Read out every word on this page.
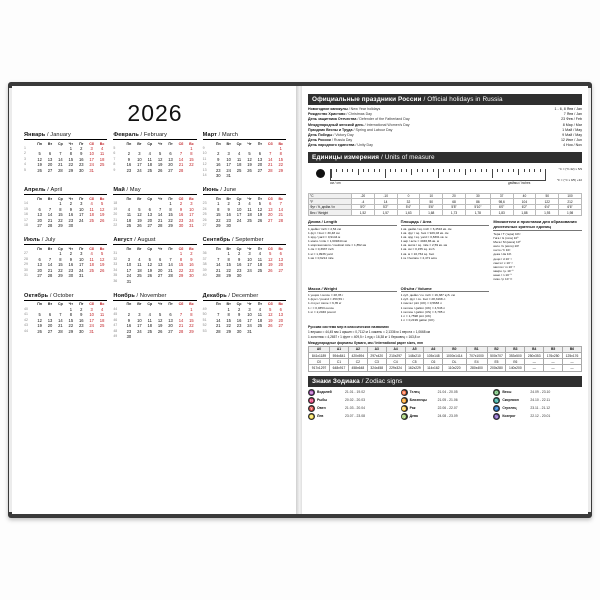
2026
Январь / January
	Пн	Вт	Ср	Чт	Пт	Сб	Вс
1				1	2	3	4
2	5	6	7	8	9	10	11
3	12	13	14	15	16	17	18
4	19	20	21	22	23	24	25
5	26	27	28	29	30	31	
Февраль / February
	Пн	Вт	Ср	Чт	Пт	Сб	Вс
5							1
6	2	3	4	5	6	7	8
7	9	10	11	12	13	14	15
8	16	17	18	19	20	21	22
9	23	24	25	26	27	28	
Март / March
	Пн	Вт	Ср	Чт	Пт	Сб	Вс
9							1
10	2	3	4	5	6	7	8
11	9	10	11	12	13	14	15
12	16	17	18	19	20	21	22
13	23	24	25	26	27	28	29
14	30	31					
Апрель / April
	Пн	Вт	Ср	Чт	Пт	Сб	Вс
14			1	2	3	4	5
15	6	7	8	9	10	11	12
16	13	14	15	16	17	18	19
17	20	21	22	23	24	25	26
18	27	28	29	30			
Май / May
	Пн	Вт	Ср	Чт	Пт	Сб	Вс
18					1	2	3
19	4	5	6	7	8	9	10
20	11	12	13	14	15	16	17
21	18	19	20	21	22	23	24
22	25	26	27	28	29	30	31
Июнь / June
	Пн	Вт	Ср	Чт	Пт	Сб	Вс
23	1	2	3	4	5	6	7
24	8	9	10	11	12	13	14
25	15	16	17	18	19	20	21
26	22	23	24	25	26	27	28
27	29	30					
Июль / July
	Пн	Вт	Ср	Чт	Пт	Сб	Вс
27			1	2	3	4	5
28	6	7	8	9	10	11	12
29	13	14	15	16	17	18	19
30	20	21	22	23	24	25	26
31	27	28	29	30	31		
Август / August
	Пн	Вт	Ср	Чт	Пт	Сб	Вс
31						1	2
32	3	4	5	6	7	8	9
33	10	11	12	13	14	15	16
34	17	18	19	20	21	22	23
35	24	25	26	27	28	29	30
36	31						
Сентябрь / September
	Пн	Вт	Ср	Чт	Пт	Сб	Вс
36		1	2	3	4	5	6
37	7	8	9	10	11	12	13
38	14	15	16	17	18	19	20
39	21	22	23	24	25	26	27
40	28	29	30				
Октябрь / October
	Пн	Вт	Ср	Чт	Пт	Сб	Вс
40				1	2	3	4
41	5	6	7	8	9	10	11
42	12	13	14	15	16	17	18
43	19	20	21	22	23	24	25
44	26	27	28	29	30	31	
Ноябрь / November
	Пн	Вт	Ср	Чт	Пт	Сб	Вс
44							1
45	2	3	4	5	6	7	8
46	9	10	11	12	13	14	15
47	16	17	18	19	20	21	22
48	23	24	25	26	27	28	29
49	30						
Декабрь / December
	Пн	Вт	Ср	Чт	Пт	Сб	Вс
49		1	2	3	4	5	6
50	7	8	9	10	11	12	13
51	14	15	16	17	18	19	20
52	21	22	23	24	25	26	27
53	28	29	30	31			
Официальные праздники России / Official holidays in Russia
Новогодние каникулы / New Year holidays	1 - 6, 8 Янв / Jan
Рождество Христово / Christmas Day	7 Янв / Jan
День защитника Отечества / Defender of the Fatherland Day	23 Фев / Feb
Международный женский день / International Women's Day	8 Мар / Mar
Праздник Весны и Труда / Spring and Labour Day	1 Май / May
День Победы / Victory Day	9 Май / May
День России / Russia Day	12 Июн / Jun
День народного единства / Unity Day	4 Ноя / Nov
Единицы измерения / Units of measure
см / cm	дюймы / inches
°C = (°F-32) x 5/9
°F = (°C x 9/5) +32
°C	-20	-10	0	10	20	30	37	40	50	100
°F	-4	14	32	50	68	86	98,6	104	122	212
Фут / ft, дюйм / in	5'0"	5'2"	5'4"	5'6"	5'8"	5'10"	6'0"	6'2"	6'4"	6'6"
Вес / Weight	1,52	1,57	1,63	1,68	1,73	1,78	1,83	1,88	1,93	1,98
Длина / Length
1 дюйм / inch = 2,54 см
1 фут / foot = 30,48 см
1 ярд / yard = 0,9144 м
1 миля / mile = 1,609344 км
1 морская миля / nautical mile = 1,852 км
1 см = 0,3937 inch
1 м = 1,0936 yard
1 км = 0,6214 mile
Площадь / Area
1 кв. дюйм / sq. inch = 6,4516 кв. см
1 кв. фут / sq. foot = 929,03 кв. см
1 кв. ярд / sq. yard = 0,8361 кв. м
1 акр / acre = 4046,86 кв. м
1 кв. миля / sq. mile = 2,59 кв. км
1 кв. см = 0,155 sq. inch
1 кв. м = 10,764 sq. foot
1 га / hectare = 2,471 acre
Множители и приставки для образования десятичных кратных единиц
Тера / T (тера) 10¹²
Гига / G (гига) 10⁹
Мега / M (мега) 10⁶
кило / k (кило) 10³
гекто / h 10²
дека / da 10¹
деци / d 10⁻¹
санти / c 10⁻²
милли / m 10⁻³
микро / µ 10⁻⁶
нано / n 10⁻⁹
пико / p 10⁻¹²
Масса / Weight
1 унция / ounce = 28,35 г
1 фунт / pound = 453,59 г
1 стоун / stone = 6,35 кг
1 г = 0,0353 ounce
1 кг = 2,2046 pound
Объём / Volume
1 куб. дюйм / cu. inch = 16,387 куб. см
1 куб. фут / cu. foot = 28,3168 л
1 пинта / pint (UK) = 0,5683 л
1 галлон / gallon (UK) = 4,546 л
1 галлон / gallon (US) = 3,785 л
1 л = 1,7598 pint (UK)
1 л = 0,2199 gallon (UK)
Русская система мер в классических названиях
1 вершок = 44,45 мм 1 аршин = 0,7112 м 1 сажень = 2,1336 м 1 верста = 1,0668 км
1 золотник = 4,2657 г 1 фунт = 409,5 г 1 пуд = 16,38 кг 1 берковец = 163,8 кг
Международные форматы бумаги, мм / International paper sizes, mm
A0	A1	A2	A3	A4	A5	A6	B0	B1	B2	B3	B4	B5	B6
841x1189	594x841	420x594	297x420	210x297	148x210	105x148	1000x1414	707x1000	500x707	353x500	250x353	176x250	125x176
C0	C1	C2	C3	C4	C5	C6	DL	E4	E5	E6	—	—	—
917x1297	648x917	458x648	324x458	229x324	162x229	114x162	110x220	280x400	200x280	140x200	—	—	—
Знаки Зодиака / Zodiac signs
♒ Водолей	21.01 - 19.02	♉ Телец	21.04 - 20.05	♎ Весы	24.09 - 23.10
♓ Рыбы	20.02 - 20.03	♊ Близнецы	21.05 - 21.06	♏ Скорпион	24.10 - 22.11
♈ Овен	21.03 - 20.04	♋ Рак	22.06 - 22.07	♐ Стрелец	23.11 - 21.12
♌ Лев	23.07 - 23.08	♍ Дева	24.08 - 23.09	♑ Козерог	22.12 - 20.01
